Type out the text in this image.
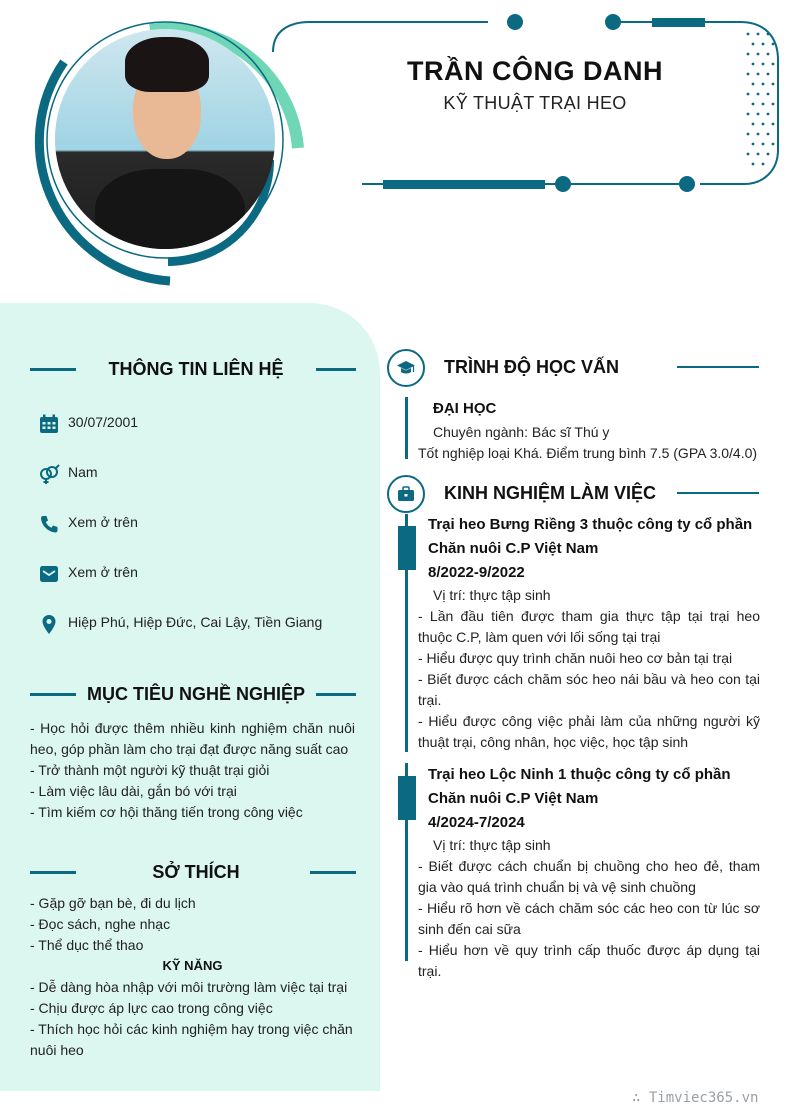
TRẦN CÔNG DANH
KỸ THUẬT TRẠI HEO
THÔNG TIN LIÊN HỆ
30/07/2001
Nam
Xem ở trên
Xem ở trên
Hiệp Phú, Hiệp Đức, Cai Lậy, Tiền Giang
MỤC TIÊU NGHỀ NGHIỆP

- Học hỏi được thêm nhiều kinh nghiệm chăn nuôi heo, góp phần làm cho trại đạt được năng suất cao

- Trở thành một người kỹ thuật trại giỏi

- Làm việc lâu dài, gắn bó với trại

- Tìm kiếm cơ hội thăng tiến trong công việc

SỞ THÍCH

- Gặp gỡ bạn bè, đi du lịch

- Đọc sách, nghe nhạc

- Thể dục thể thao

KỸ NĂNG

- Dễ dàng hòa nhập với môi trường làm việc tại trại

- Chịu được áp lực cao trong công việc

- Thích học hỏi các kinh nghiệm hay trong việc chăn nuôi heo

TRÌNH ĐỘ HỌC VẤN
ĐẠI HỌC
Chuyên ngành: Bác sĩ Thú y
Tốt nghiệp loại Khá. Điểm trung bình 7.5 (GPA 3.0/4.0)
KINH NGHIỆM LÀM VIỆC
Trại heo Bưng Riềng 3 thuộc công ty cổ phần
Chăn nuôi C.P Việt Nam
8/2022-9/2022
Vị trí: thực tập sinh

- Lần đầu tiên được tham gia thực tập tại trại heo thuộc C.P, làm quen với lối sống tại trại

- Hiểu được quy trình chăn nuôi heo cơ bản tại trại

- Biết được cách chăm sóc heo nái bầu và heo con tại trại.

- Hiểu được công việc phải làm của những người kỹ thuật trại, công nhân, học việc, học tập sinh

Trại heo Lộc Ninh 1 thuộc công ty cổ phần
Chăn nuôi C.P Việt Nam
4/2024-7/2024
Vị trí: thực tập sinh

- Biết được cách chuẩn bị chuồng cho heo đẻ, tham gia vào quá trình chuẩn bị và vệ sinh chuồng

- Hiểu rõ hơn về cách chăm sóc các heo con từ lúc sơ sinh đến cai sữa

- Hiểu hơn về quy trình cấp thuốc được áp dụng tại trại.

∴ Timviec365.vn
